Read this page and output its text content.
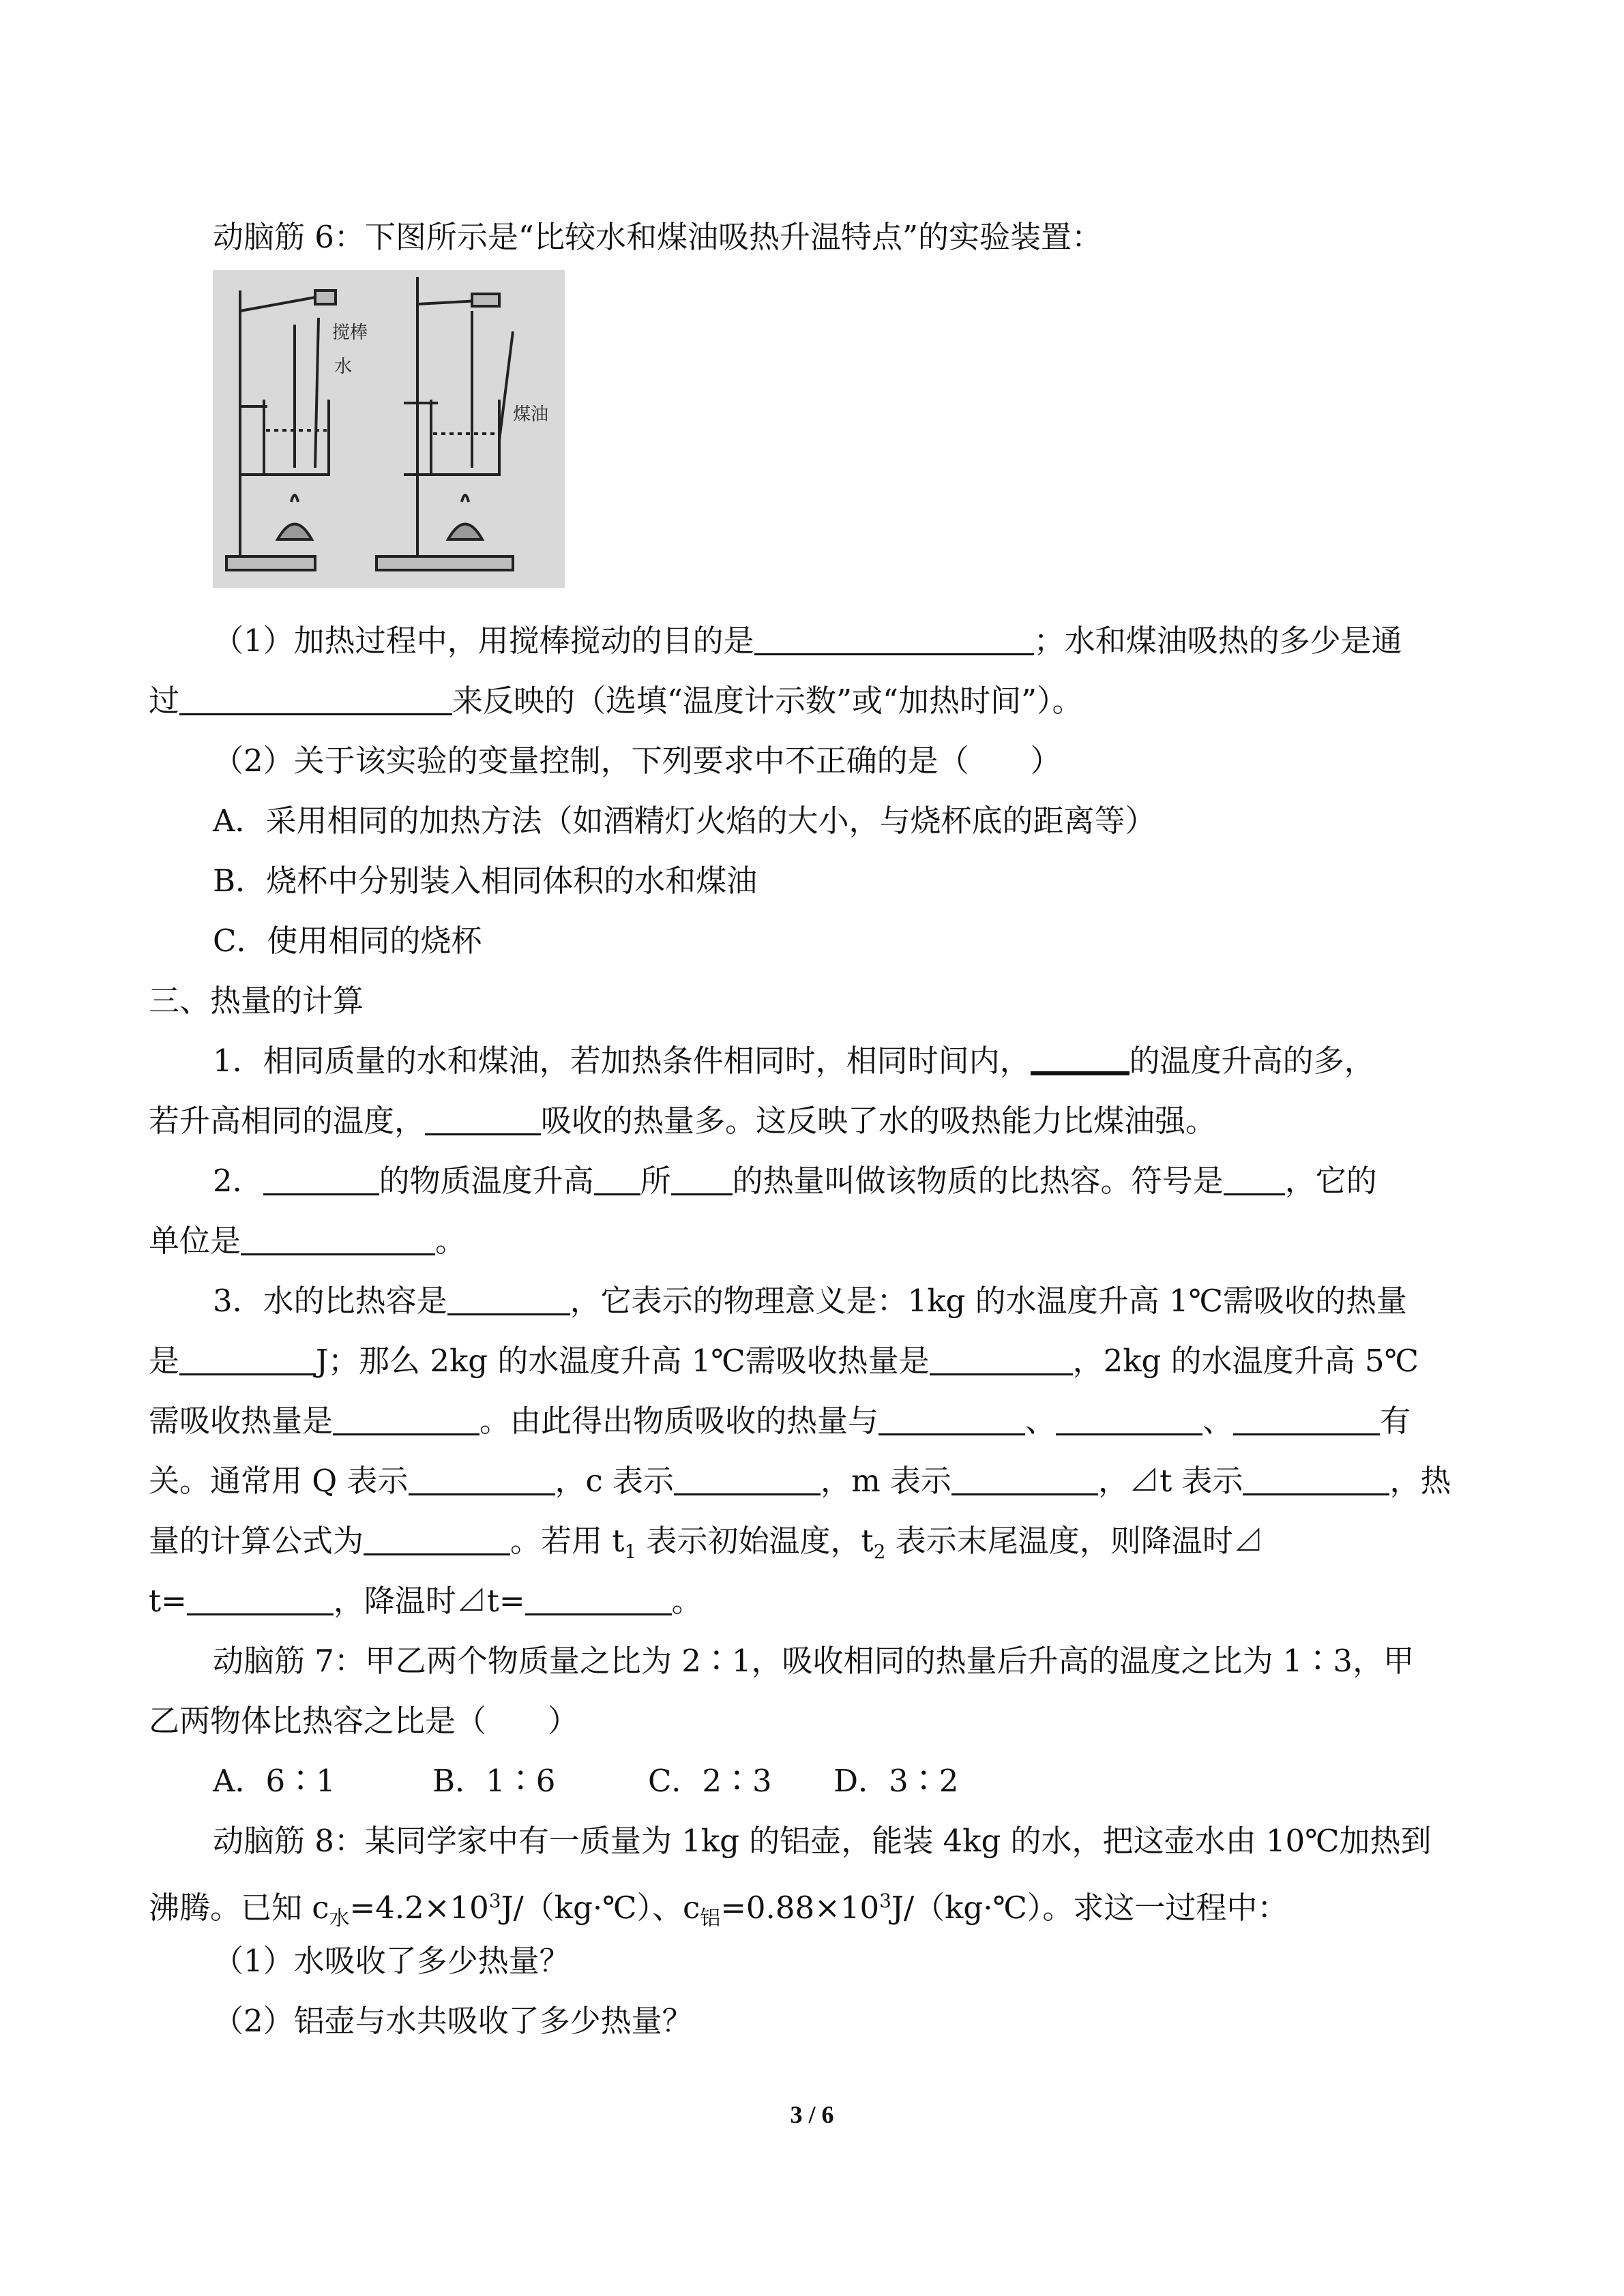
动脑筋 6：下图所示是“比较水和煤油吸热升温特点”的实验装置：
搅棒
水
煤油
（1）加热过程中，用搅棒搅动的目的是	；水和煤油吸热的多少是通
过	来反映的（选填“温度计示数”或“加热时间”）。
（2）关于该实验的变量控制，下列要求中不正确的是（　　）
A．采用相同的加热方法（如酒精灯火焰的大小，与烧杯底的距离等）
B．烧杯中分别装入相同体积的水和煤油
C．使用相同的烧杯
三、热量的计算
1．相同质量的水和煤油，若加热条件相同时，相同时间内，	的温度升高的多，
若升高相同的温度，	吸收的热量多。这反映了水的吸热能力比煤油强。
2．	的物质温度升高 所 的热量叫做该物质的比热容。符号是 ，它的
单位是	。
3．水的比热容是	，它表示的物理意义是：1kg 的水温度升高 1℃需吸收的热量
是	J；那么 2kg 的水温度升高 1℃需吸收热量是	，2kg 的水温度升高 5℃
需吸收热量是	。由此得出物质吸收的热量与	、	、	有
关。通常用 Q 表示	，c 表示	，m 表示	，⊿t 表示	，热
量的计算公式为	。若用 $t_1$ 表示初始温度，$t_2$ 表示末尾温度，则降温时⊿
t=	，降温时⊿t=	。
动脑筋 7：甲乙两个物质量之比为 2∶1，吸收相同的热量后升高的温度之比为 1∶3，甲
乙两物体比热容之比是（　　）
A．6∶1	B．1∶6	C．2∶3 D．3∶2
动脑筋 8：某同学家中有一质量为 1kg 的铝壶，能装 4kg 的水，把这壶水由 10℃加热到
沸腾。已知 $c_水=4.2\times 10^3J/(kg\cdot℃)$、$c_铝=0.88\times 10^3J/(kg\cdot℃)$。求这一过程中：
（1）水吸收了多少热量？
（2）铝壶与水共吸收了多少热量？
3 / 6
